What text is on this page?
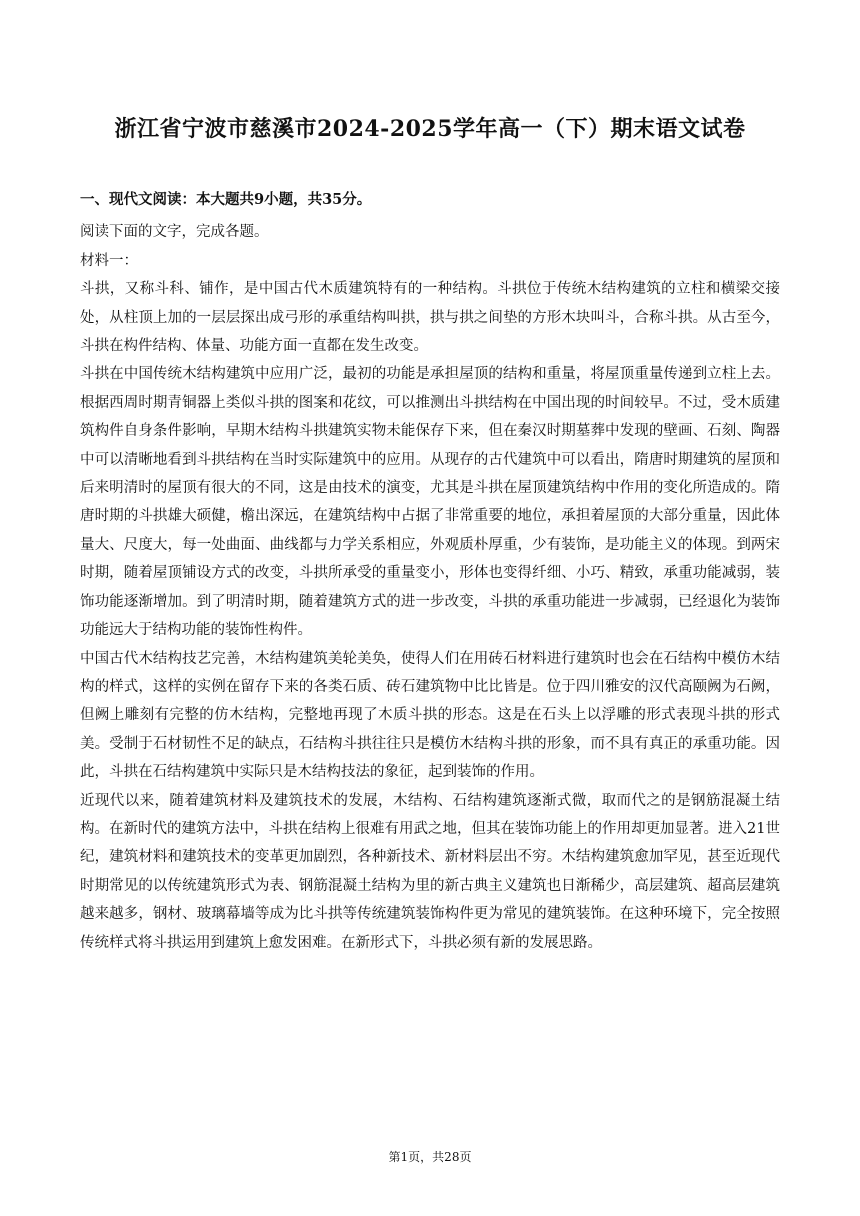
浙江省宁波市慈溪市2024-2025学年高一（下）期末语文试卷
一、现代文阅读：本大题共9小题，共35分。

阅读下面的文字，完成各题。

材料一：

斗拱，又称斗科、铺作，是中国古代木质建筑特有的一种结构。斗拱位于传统木结构建筑的立柱和横梁交接处，从柱顶上加的一层层探出成弓形的承重结构叫拱，拱与拱之间垫的方形木块叫斗，合称斗拱。从古至今，斗拱在构件结构、体量、功能方面一直都在发生改变。

斗拱在中国传统木结构建筑中应用广泛，最初的功能是承担屋顶的结构和重量，将屋顶重量传递到立柱上去。根据西周时期青铜器上类似斗拱的图案和花纹，可以推测出斗拱结构在中国出现的时间较早。不过，受木质建筑构件自身条件影响，早期木结构斗拱建筑实物未能保存下来，但在秦汉时期墓葬中发现的壁画、石刻、陶器中可以清晰地看到斗拱结构在当时实际建筑中的应用。从现存的古代建筑中可以看出，隋唐时期建筑的屋顶和后来明清时的屋顶有很大的不同，这是由技术的演变，尤其是斗拱在屋顶建筑结构中作用的变化所造成的。隋唐时期的斗拱雄大硕健，檐出深远，在建筑结构中占据了非常重要的地位，承担着屋顶的大部分重量，因此体量大、尺度大，每一处曲面、曲线都与力学关系相应，外观质朴厚重，少有装饰，是功能主义的体现。到两宋时期，随着屋顶铺设方式的改变，斗拱所承受的重量变小，形体也变得纤细、小巧、精致，承重功能减弱，装饰功能逐渐增加。到了明清时期，随着建筑方式的进一步改变，斗拱的承重功能进一步减弱，已经退化为装饰功能远大于结构功能的装饰性构件。

中国古代木结构技艺完善，木结构建筑美轮美奂，使得人们在用砖石材料进行建筑时也会在石结构中模仿木结构的样式，这样的实例在留存下来的各类石质、砖石建筑物中比比皆是。位于四川雅安的汉代高颐阙为石阙，但阙上雕刻有完整的仿木结构，完整地再现了木质斗拱的形态。这是在石头上以浮雕的形式表现斗拱的形式美。受制于石材韧性不足的缺点，石结构斗拱往往只是模仿木结构斗拱的形象，而不具有真正的承重功能。因此，斗拱在石结构建筑中实际只是木结构技法的象征，起到装饰的作用。

近现代以来，随着建筑材料及建筑技术的发展，木结构、石结构建筑逐渐式微，取而代之的是钢筋混凝土结构。在新时代的建筑方法中，斗拱在结构上很难有用武之地，但其在装饰功能上的作用却更加显著。进入21世纪，建筑材料和建筑技术的变革更加剧烈，各种新技术、新材料层出不穷。木结构建筑愈加罕见，甚至近现代时期常见的以传统建筑形式为表、钢筋混凝土结构为里的新古典主义建筑也日渐稀少，高层建筑、超高层建筑越来越多，钢材、玻璃幕墙等成为比斗拱等传统建筑装饰构件更为常见的建筑装饰。在这种环境下，完全按照传统样式将斗拱运用到建筑上愈发困难。在新形式下，斗拱必须有新的发展思路。

第1页，共28页
